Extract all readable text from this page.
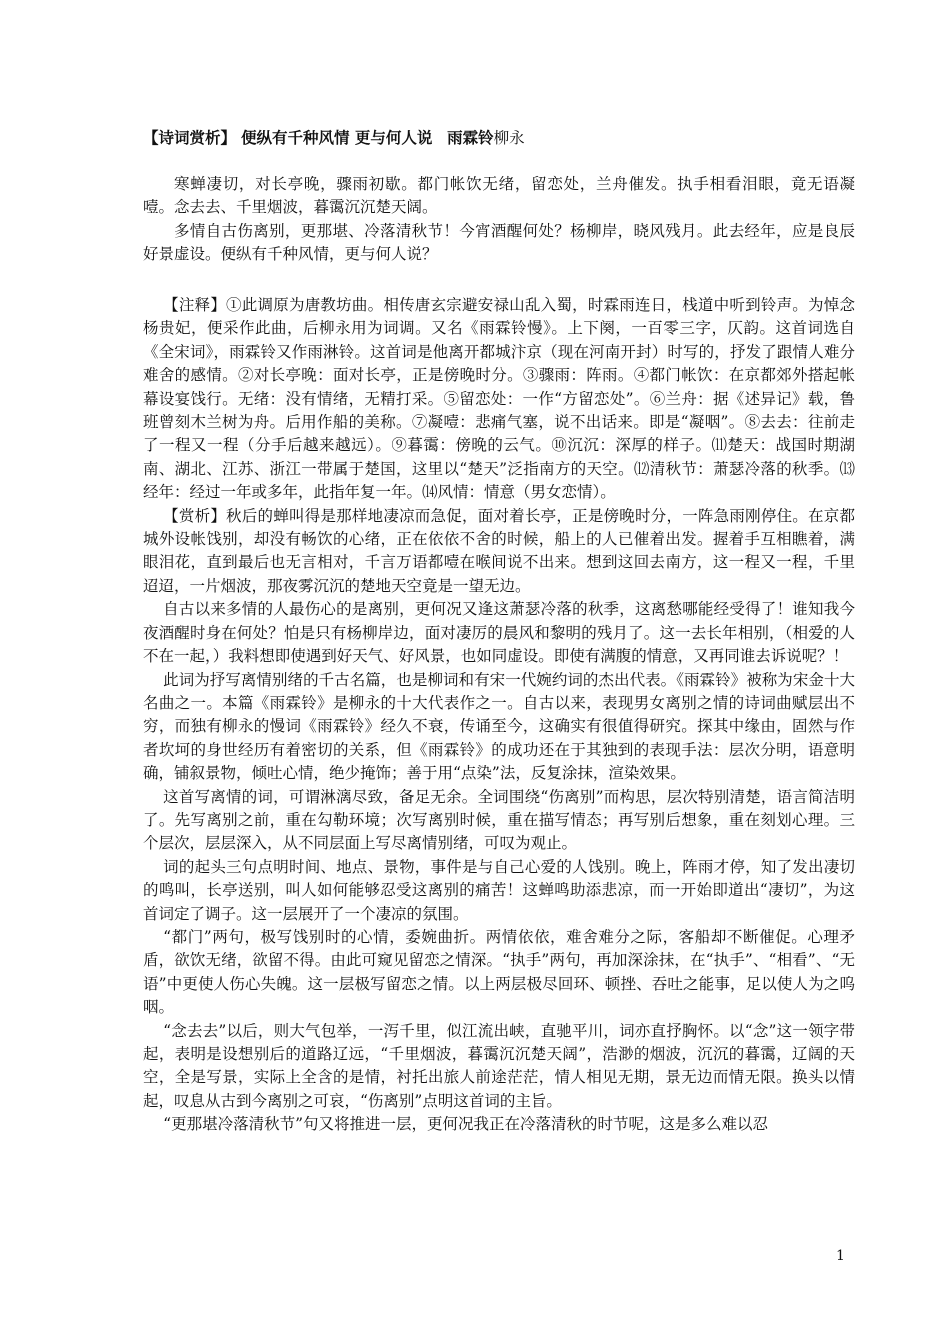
【诗词赏析】 便纵有千种风情 更与何人说 雨霖铃柳永

寒蝉凄切，对长亭晚，骤雨初歇。都门帐饮无绪，留恋处，兰舟催发。执手相看泪眼，竟无语凝噎。念去去、千里烟波，暮霭沉沉楚天阔。

多情自古伤离别，更那堪、冷落清秋节！今宵酒醒何处？杨柳岸，晓风残月。此去经年，应是良辰好景虚设。便纵有千种风情，更与何人说？

【注释】①此调原为唐教坊曲。相传唐玄宗避安禄山乱入蜀，时霖雨连日，栈道中听到铃声。为悼念杨贵妃，便采作此曲，后柳永用为词调。又名《雨霖铃慢》。上下阕，一百零三字，仄韵。这首词选自《全宋词》，雨霖铃又作雨淋铃。这首词是他离开都城汴京（现在河南开封）时写的，抒发了跟情人难分难舍的感情。②对长亭晚：面对长亭，正是傍晚时分。③骤雨：阵雨。④都门帐饮：在京都郊外搭起帐幕设宴饯行。无绪：没有情绪，无精打采。⑤留恋处：一作“方留恋处”。⑥兰舟：据《述异记》载，鲁班曾刻木兰树为舟。后用作船的美称。⑦凝噎：悲痛气塞，说不出话来。即是“凝咽”。⑧去去：往前走了一程又一程（分手后越来越远）。⑨暮霭：傍晚的云气。⑩沉沉：深厚的样子。⑾楚天：战国时期湖南、湖北、江苏、浙江一带属于楚国，这里以“楚天”泛指南方的天空。⑿清秋节：萧瑟冷落的秋季。⒀经年：经过一年或多年，此指年复一年。⒁风情：情意（男女恋情）。

【赏析】秋后的蝉叫得是那样地凄凉而急促，面对着长亭，正是傍晚时分，一阵急雨刚停住。在京都城外设帐饯别，却没有畅饮的心绪，正在依依不舍的时候，船上的人已催着出发。握着手互相瞧着，满眼泪花，直到最后也无言相对，千言万语都噎在喉间说不出来。想到这回去南方，这一程又一程，千里迢迢，一片烟波，那夜雾沉沉的楚地天空竟是一望无边。

自古以来多情的人最伤心的是离别，更何况又逢这萧瑟冷落的秋季，这离愁哪能经受得了！谁知我今夜酒醒时身在何处？怕是只有杨柳岸边，面对凄厉的晨风和黎明的残月了。这一去长年相别，（相爱的人不在一起，）我料想即使遇到好天气、好风景，也如同虚设。即使有满腹的情意，又再同谁去诉说呢？！

此词为抒写离情别绪的千古名篇，也是柳词和有宋一代婉约词的杰出代表。《雨霖铃》被称为宋金十大名曲之一。本篇《雨霖铃》是柳永的十大代表作之一。自古以来，表现男女离别之情的诗词曲赋层出不穷，而独有柳永的慢词《雨霖铃》经久不衰，传诵至今，这确实有很值得研究。探其中缘由，固然与作者坎坷的身世经历有着密切的关系，但《雨霖铃》的成功还在于其独到的表现手法：层次分明，语意明确，铺叙景物，倾吐心情，绝少掩饰；善于用“点染”法，反复涂抹，渲染效果。

这首写离情的词，可谓淋漓尽致，备足无余。全词围绕“伤离别”而构思，层次特别清楚，语言简洁明了。先写离别之前，重在勾勒环境；次写离别时候，重在描写情态；再写别后想象，重在刻划心理。三个层次，层层深入，从不同层面上写尽离情别绪，可叹为观止。

词的起头三句点明时间、地点、景物，事件是与自己心爱的人饯别。晚上，阵雨才停，知了发出凄切的鸣叫，长亭送别，叫人如何能够忍受这离别的痛苦！这蝉鸣助添悲凉，而一开始即道出“凄切”，为这首词定了调子。这一层展开了一个凄凉的氛围。

“都门”两句，极写饯别时的心情，委婉曲折。两情依依，难舍难分之际，客船却不断催促。心理矛盾，欲饮无绪，欲留不得。由此可窥见留恋之情深。“执手”两句，再加深涂抹，在“执手”、“相看”、“无语”中更使人伤心失魄。这一层极写留恋之情。以上两层极尽回环、顿挫、吞吐之能事，足以使人为之呜咽。

“念去去”以后，则大气包举，一泻千里，似江流出峡，直驰平川，词亦直抒胸怀。以“念”这一领字带起，表明是设想别后的道路辽远，“千里烟波，暮霭沉沉楚天阔”，浩渺的烟波，沉沉的暮霭，辽阔的天空，全是写景，实际上全含的是情，衬托出旅人前途茫茫，情人相见无期，景无边而情无限。换头以情起，叹息从古到今离别之可哀，“伤离别”点明这首词的主旨。

“更那堪冷落清秋节”句又将推进一层，更何况我正在冷落清秋的时节呢，这是多么难以忍

1
